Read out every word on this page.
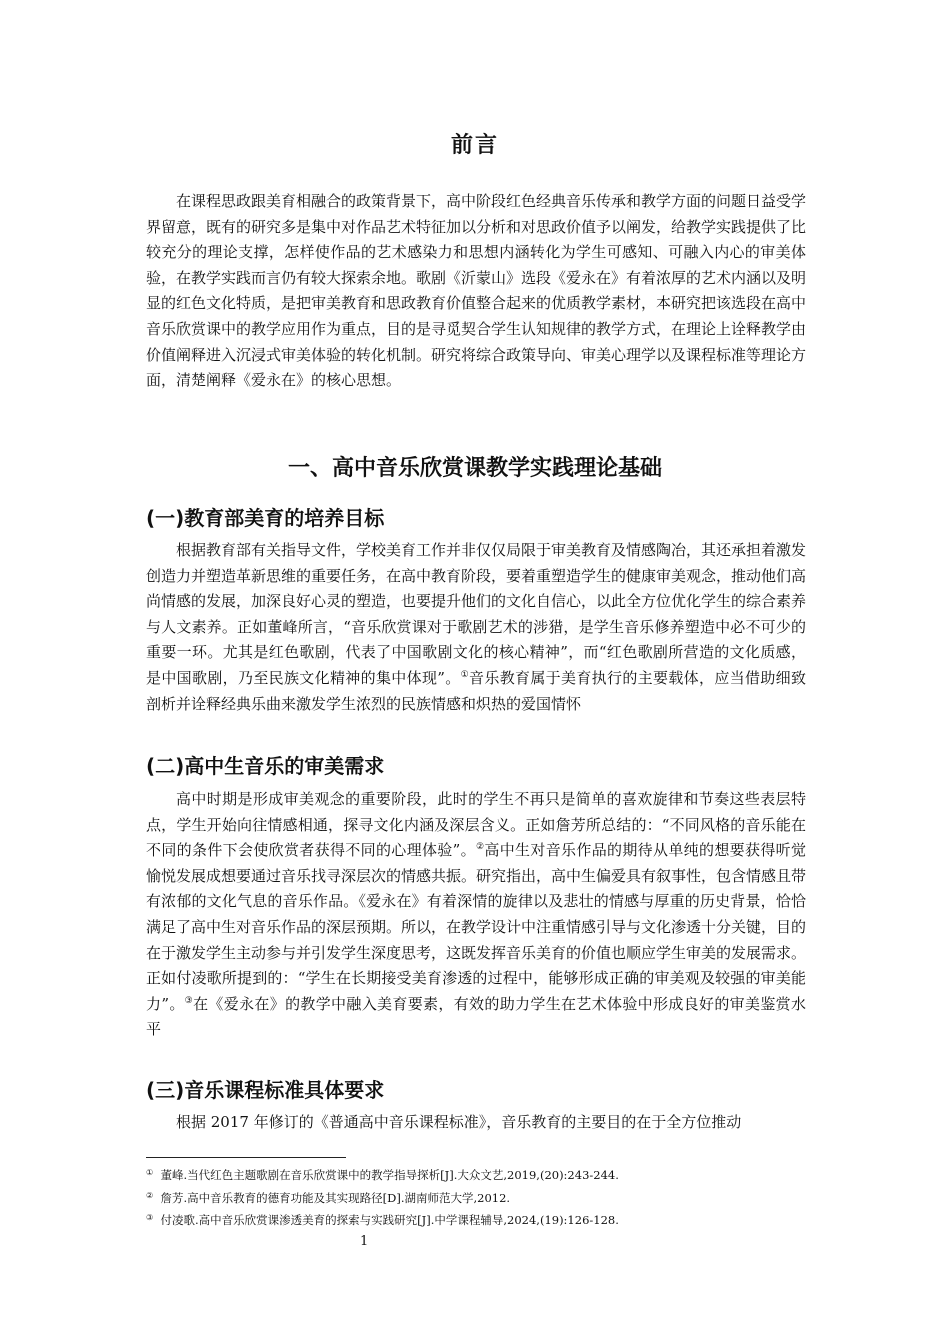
前言

在课程思政跟美育相融合的政策背景下，高中阶段红色经典音乐传承和教学方面的问题日益受学界留意，既有的研究多是集中对作品艺术特征加以分析和对思政价值予以阐发，给教学实践提供了比较充分的理论支撑，怎样使作品的艺术感染力和思想内涵转化为学生可感知、可融入内心的审美体验，在教学实践而言仍有较大探索余地。歌剧《沂蒙山》选段《爱永在》有着浓厚的艺术内涵以及明显的红色文化特质，是把审美教育和思政教育价值整合起来的优质教学素材，本研究把该选段在高中音乐欣赏课中的教学应用作为重点，目的是寻觅契合学生认知规律的教学方式，在理论上诠释教学由价值阐释进入沉浸式审美体验的转化机制。研究将综合政策导向、审美心理学以及课程标准等理论方面，清楚阐释《爱永在》的核心思想。

一、高中音乐欣赏课教学实践理论基础
(一)教育部美育的培养目标

根据教育部有关指导文件，学校美育工作并非仅仅局限于审美教育及情感陶冶，其还承担着激发创造力并塑造革新思维的重要任务，在高中教育阶段，要着重塑造学生的健康审美观念，推动他们高尚情感的发展，加深良好心灵的塑造，也要提升他们的文化自信心，以此全方位优化学生的综合素养与人文素养。正如董峰所言，“音乐欣赏课对于歌剧艺术的涉猎，是学生音乐修养塑造中必不可少的重要一环。尤其是红色歌剧，代表了中国歌剧文化的核心精神”，而“红色歌剧所营造的文化质感，是中国歌剧，乃至民族文化精神的集中体现”。①音乐教育属于美育执行的主要载体，应当借助细致剖析并诠释经典乐曲来激发学生浓烈的民族情感和炽热的爱国情怀

(二)高中生音乐的审美需求

高中时期是形成审美观念的重要阶段，此时的学生不再只是简单的喜欢旋律和节奏这些表层特点，学生开始向往情感相通，探寻文化内涵及深层含义。正如詹芳所总结的：“不同风格的音乐能在不同的条件下会使欣赏者获得不同的心理体验”。②高中生对音乐作品的期待从单纯的想要获得听觉愉悦发展成想要通过音乐找寻深层次的情感共振。研究指出，高中生偏爱具有叙事性，包含情感且带有浓郁的文化气息的音乐作品。《爱永在》有着深情的旋律以及悲壮的情感与厚重的历史背景，恰恰满足了高中生对音乐作品的深层预期。所以，在教学设计中注重情感引导与文化渗透十分关键，目的在于激发学生主动参与并引发学生深度思考，这既发挥音乐美育的价值也顺应学生审美的发展需求。正如付凌歌所提到的：“学生在长期接受美育渗透的过程中，能够形成正确的审美观及较强的审美能力”。③在《爱永在》的教学中融入美育要素，有效的助力学生在艺术体验中形成良好的审美鉴赏水平

(三)音乐课程标准具体要求

根据 2017 年修订的《普通高中音乐课程标准》，音乐教育的主要目的在于全方位推动

① 董峰.当代红色主题歌剧在音乐欣赏课中的教学指导探析[J].大众文艺,2019,(20):243-244.
② 詹芳.高中音乐教育的德育功能及其实现路径[D].湖南师范大学,2012.
③ 付凌歌.高中音乐欣赏课渗透美育的探索与实践研究[J].中学课程辅导,2024,(19):126-128.
1
